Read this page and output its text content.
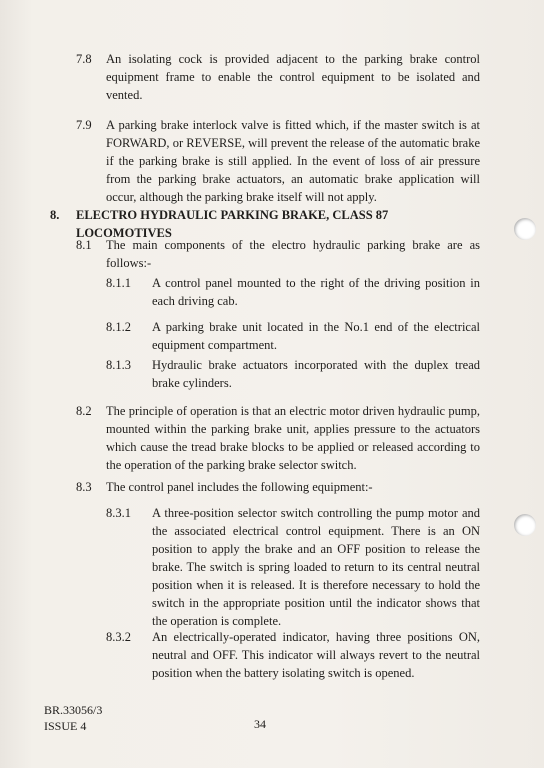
7.8 An isolating cock is provided adjacent to the parking brake control equipment frame to enable the control equipment to be isolated and vented.
7.9 A parking brake interlock valve is fitted which, if the master switch is at FORWARD, or REVERSE, will prevent the release of the automatic brake if the parking brake is still applied. In the event of loss of air pressure from the parking brake actuators, an automatic brake application will occur, although the parking brake itself will not apply.
8. ELECTRO HYDRAULIC PARKING BRAKE, CLASS 87 LOCOMOTIVES
8.1 The main components of the electro hydraulic parking brake are as follows:-
8.1.1 A control panel mounted to the right of the driving position in each driving cab.
8.1.2 A parking brake unit located in the No.1 end of the electrical equipment compartment.
8.1.3 Hydraulic brake actuators incorporated with the duplex tread brake cylinders.
8.2 The principle of operation is that an electric motor driven hydraulic pump, mounted within the parking brake unit, applies pressure to the actuators which cause the tread brake blocks to be applied or released according to the operation of the parking brake selector switch.
8.3 The control panel includes the following equipment:-
8.3.1 A three-position selector switch controlling the pump motor and the associated electrical control equipment. There is an ON position to apply the brake and an OFF position to release the brake. The switch is spring loaded to return to its central neutral position when it is released. It is therefore necessary to hold the switch in the appropriate position until the indicator shows that the operation is complete.
8.3.2 An electrically-operated indicator, having three positions ON, neutral and OFF. This indicator will always revert to the neutral position when the battery isolating switch is opened.
BR.33056/3
ISSUE 4	34
